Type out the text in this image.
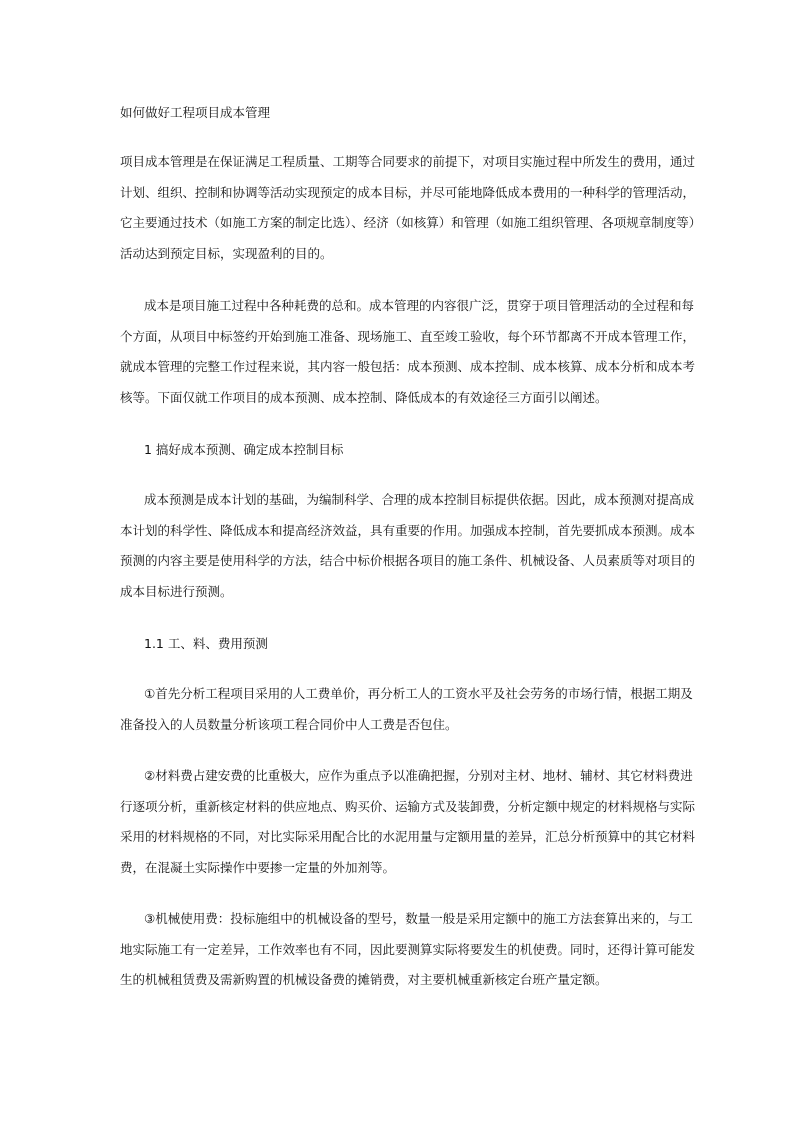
如何做好工程项目成本管理
项目成本管理是在保证满足工程质量、工期等合同要求的前提下，对项目实施过程中所发生的费用，通过
计划、组织、控制和协调等活动实现预定的成本目标，并尽可能地降低成本费用的一种科学的管理活动，
它主要通过技术（如施工方案的制定比选）、经济（如核算）和管理（如施工组织管理、各项规章制度等）
活动达到预定目标，实现盈利的目的。
成本是项目施工过程中各种耗费的总和。成本管理的内容很广泛，贯穿于项目管理活动的全过程和每
个方面，从项目中标签约开始到施工准备、现场施工、直至竣工验收，每个环节都离不开成本管理工作，
就成本管理的完整工作过程来说，其内容一般包括：成本预测、成本控制、成本核算、成本分析和成本考
核等。下面仅就工作项目的成本预测、成本控制、降低成本的有效途径三方面引以阐述。
1 搞好成本预测、确定成本控制目标
成本预测是成本计划的基础，为编制科学、合理的成本控制目标提供依据。因此，成本预测对提高成
本计划的科学性、降低成本和提高经济效益，具有重要的作用。加强成本控制，首先要抓成本预测。成本
预测的内容主要是使用科学的方法，结合中标价根据各项目的施工条件、机械设备、人员素质等对项目的
成本目标进行预测。
1.1 工、料、费用预测
①首先分析工程项目采用的人工费单价，再分析工人的工资水平及社会劳务的市场行情，根据工期及
准备投入的人员数量分析该项工程合同价中人工费是否包住。
②材料费占建安费的比重极大，应作为重点予以准确把握，分别对主材、地材、辅材、其它材料费进
行逐项分析，重新核定材料的供应地点、购买价、运输方式及装卸费，分析定额中规定的材料规格与实际
采用的材料规格的不同，对比实际采用配合比的水泥用量与定额用量的差异，汇总分析预算中的其它材料
费，在混凝土实际操作中要掺一定量的外加剂等。
③机械使用费：投标施组中的机械设备的型号，数量一般是采用定额中的施工方法套算出来的，与工
地实际施工有一定差异，工作效率也有不同，因此要测算实际将要发生的机使费。同时，还得计算可能发
生的机械租赁费及需新购置的机械设备费的摊销费，对主要机械重新核定台班产量定额。
